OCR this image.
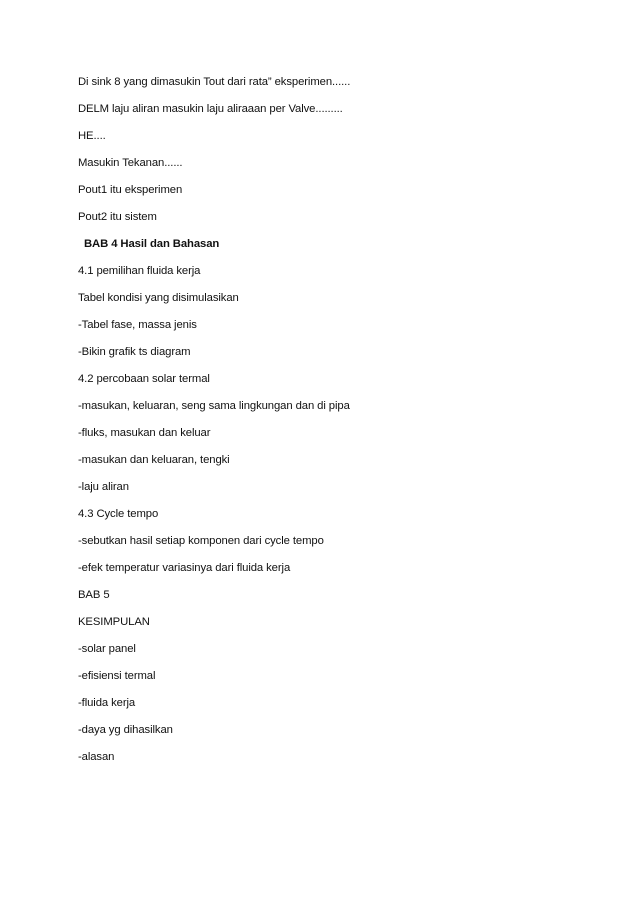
Di sink 8 yang dimasukin Tout dari rata” eksperimen......
DELM laju aliran masukin laju aliraaan per Valve.........
HE....
Masukin Tekanan......
Pout1 itu eksperimen
Pout2 itu sistem
BAB 4 Hasil dan Bahasan
4.1 pemilihan fluida kerja
Tabel kondisi yang disimulasikan
-Tabel fase, massa jenis
-Bikin grafik ts diagram
4.2 percobaan solar termal
-masukan, keluaran, seng sama lingkungan dan di pipa
-fluks, masukan dan keluar
-masukan dan keluaran, tengki
-laju aliran
4.3 Cycle tempo
-sebutkan hasil setiap komponen dari cycle tempo
-efek temperatur variasinya dari fluida kerja
BAB 5
KESIMPULAN
-solar panel
-efisiensi termal
-fluida kerja
-daya yg dihasilkan
-alasan
